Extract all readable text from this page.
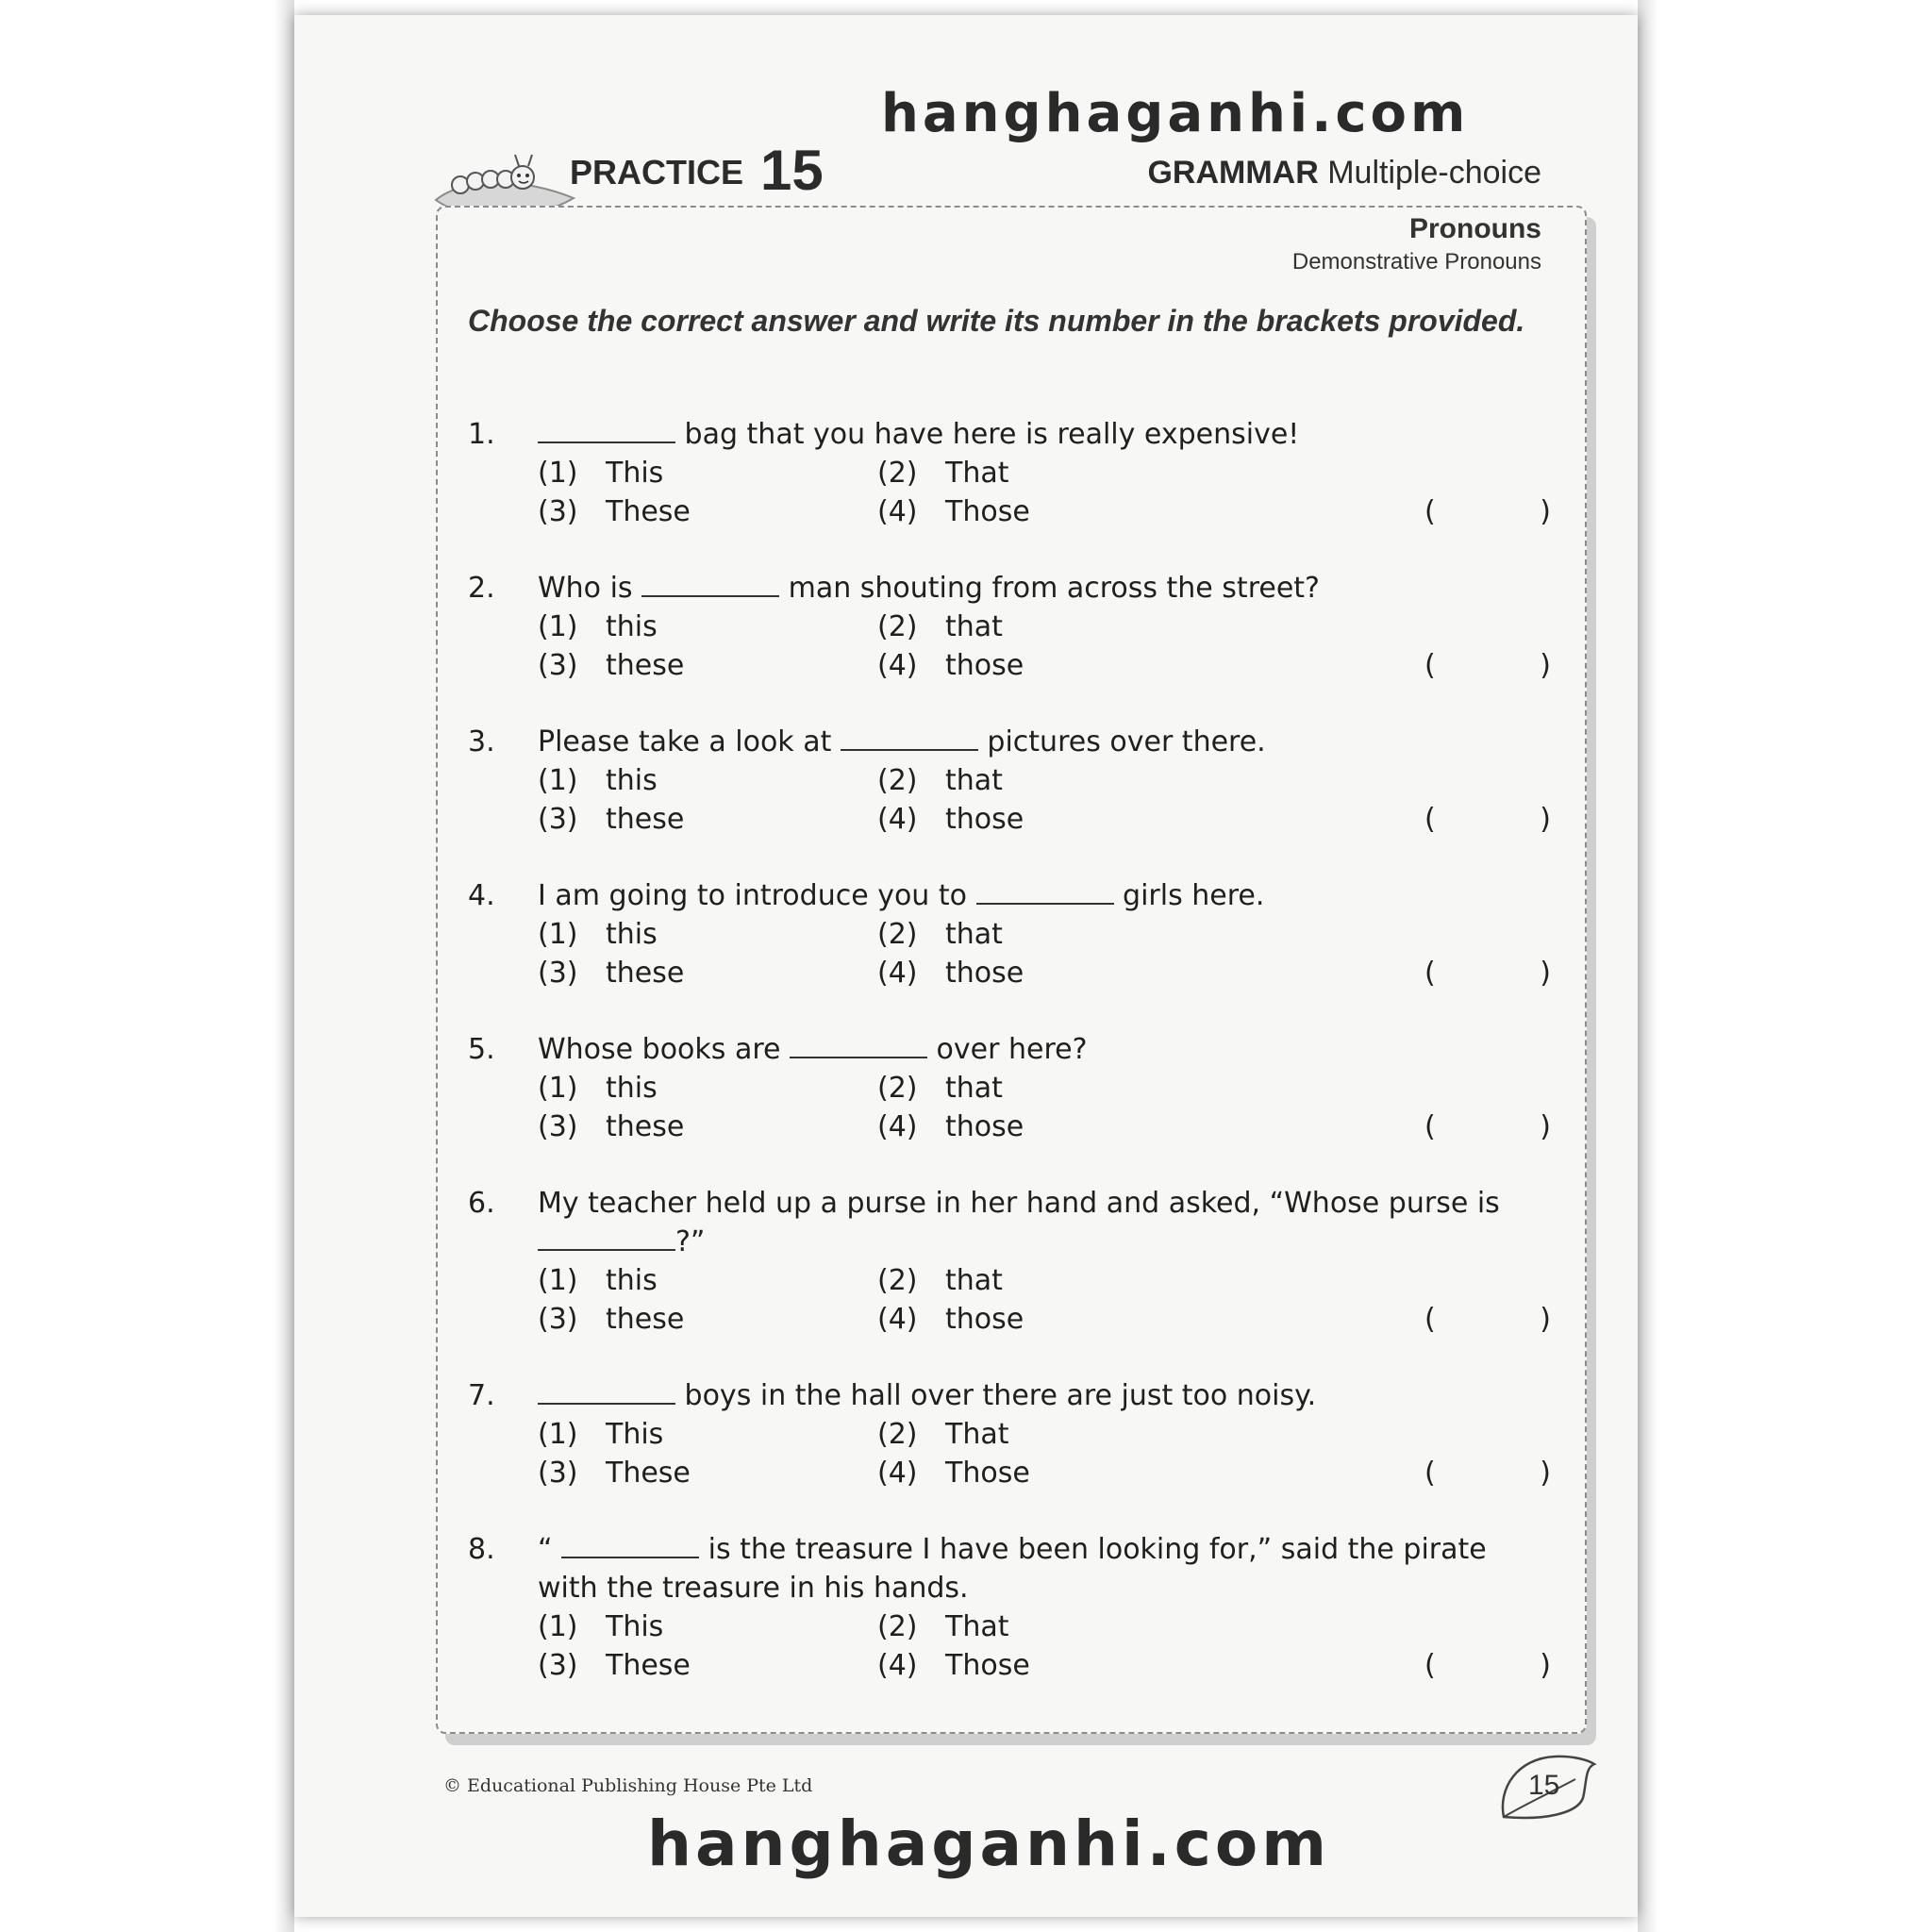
hanghaganhi.com
PRACTICE 15	GRAMMAR Multiple-choice
Pronouns
Demonstrative Pronouns
Choose the correct answer and write its number in the brackets provided.
1.	bag that you have here is really expensive!
(1) This	(2) That
(3) These	(4) Those	(	)
2.	Who is	man shouting from across the street?
(1) this	(2) that
(3) these	(4) those	(	)
3.	Please take a look at	pictures over there.
(1) this	(2) that
(3) these	(4) those	(	)
4.	I am going to introduce you to	girls here.
(1) this	(2) that
(3) these	(4) those	(	)
5.	Whose books are	over here?
(1) this	(2) that
(3) these	(4) those	(	)
6.	My teacher held up a purse in her hand and asked, “Whose purse is ?”
(1) this	(2) that
(3) these	(4) those	(	)
7.	boys in the hall over there are just too noisy.
(1) This	(2) That
(3) These	(4) Those	(	)
8.	“	is the treasure I have been looking for,” said the pirate with the treasure in his hands.
(1) This	(2) That
(3) These	(4) Those	(	)
© Educational Publishing House Pte Ltd	15
hanghaganhi.com
